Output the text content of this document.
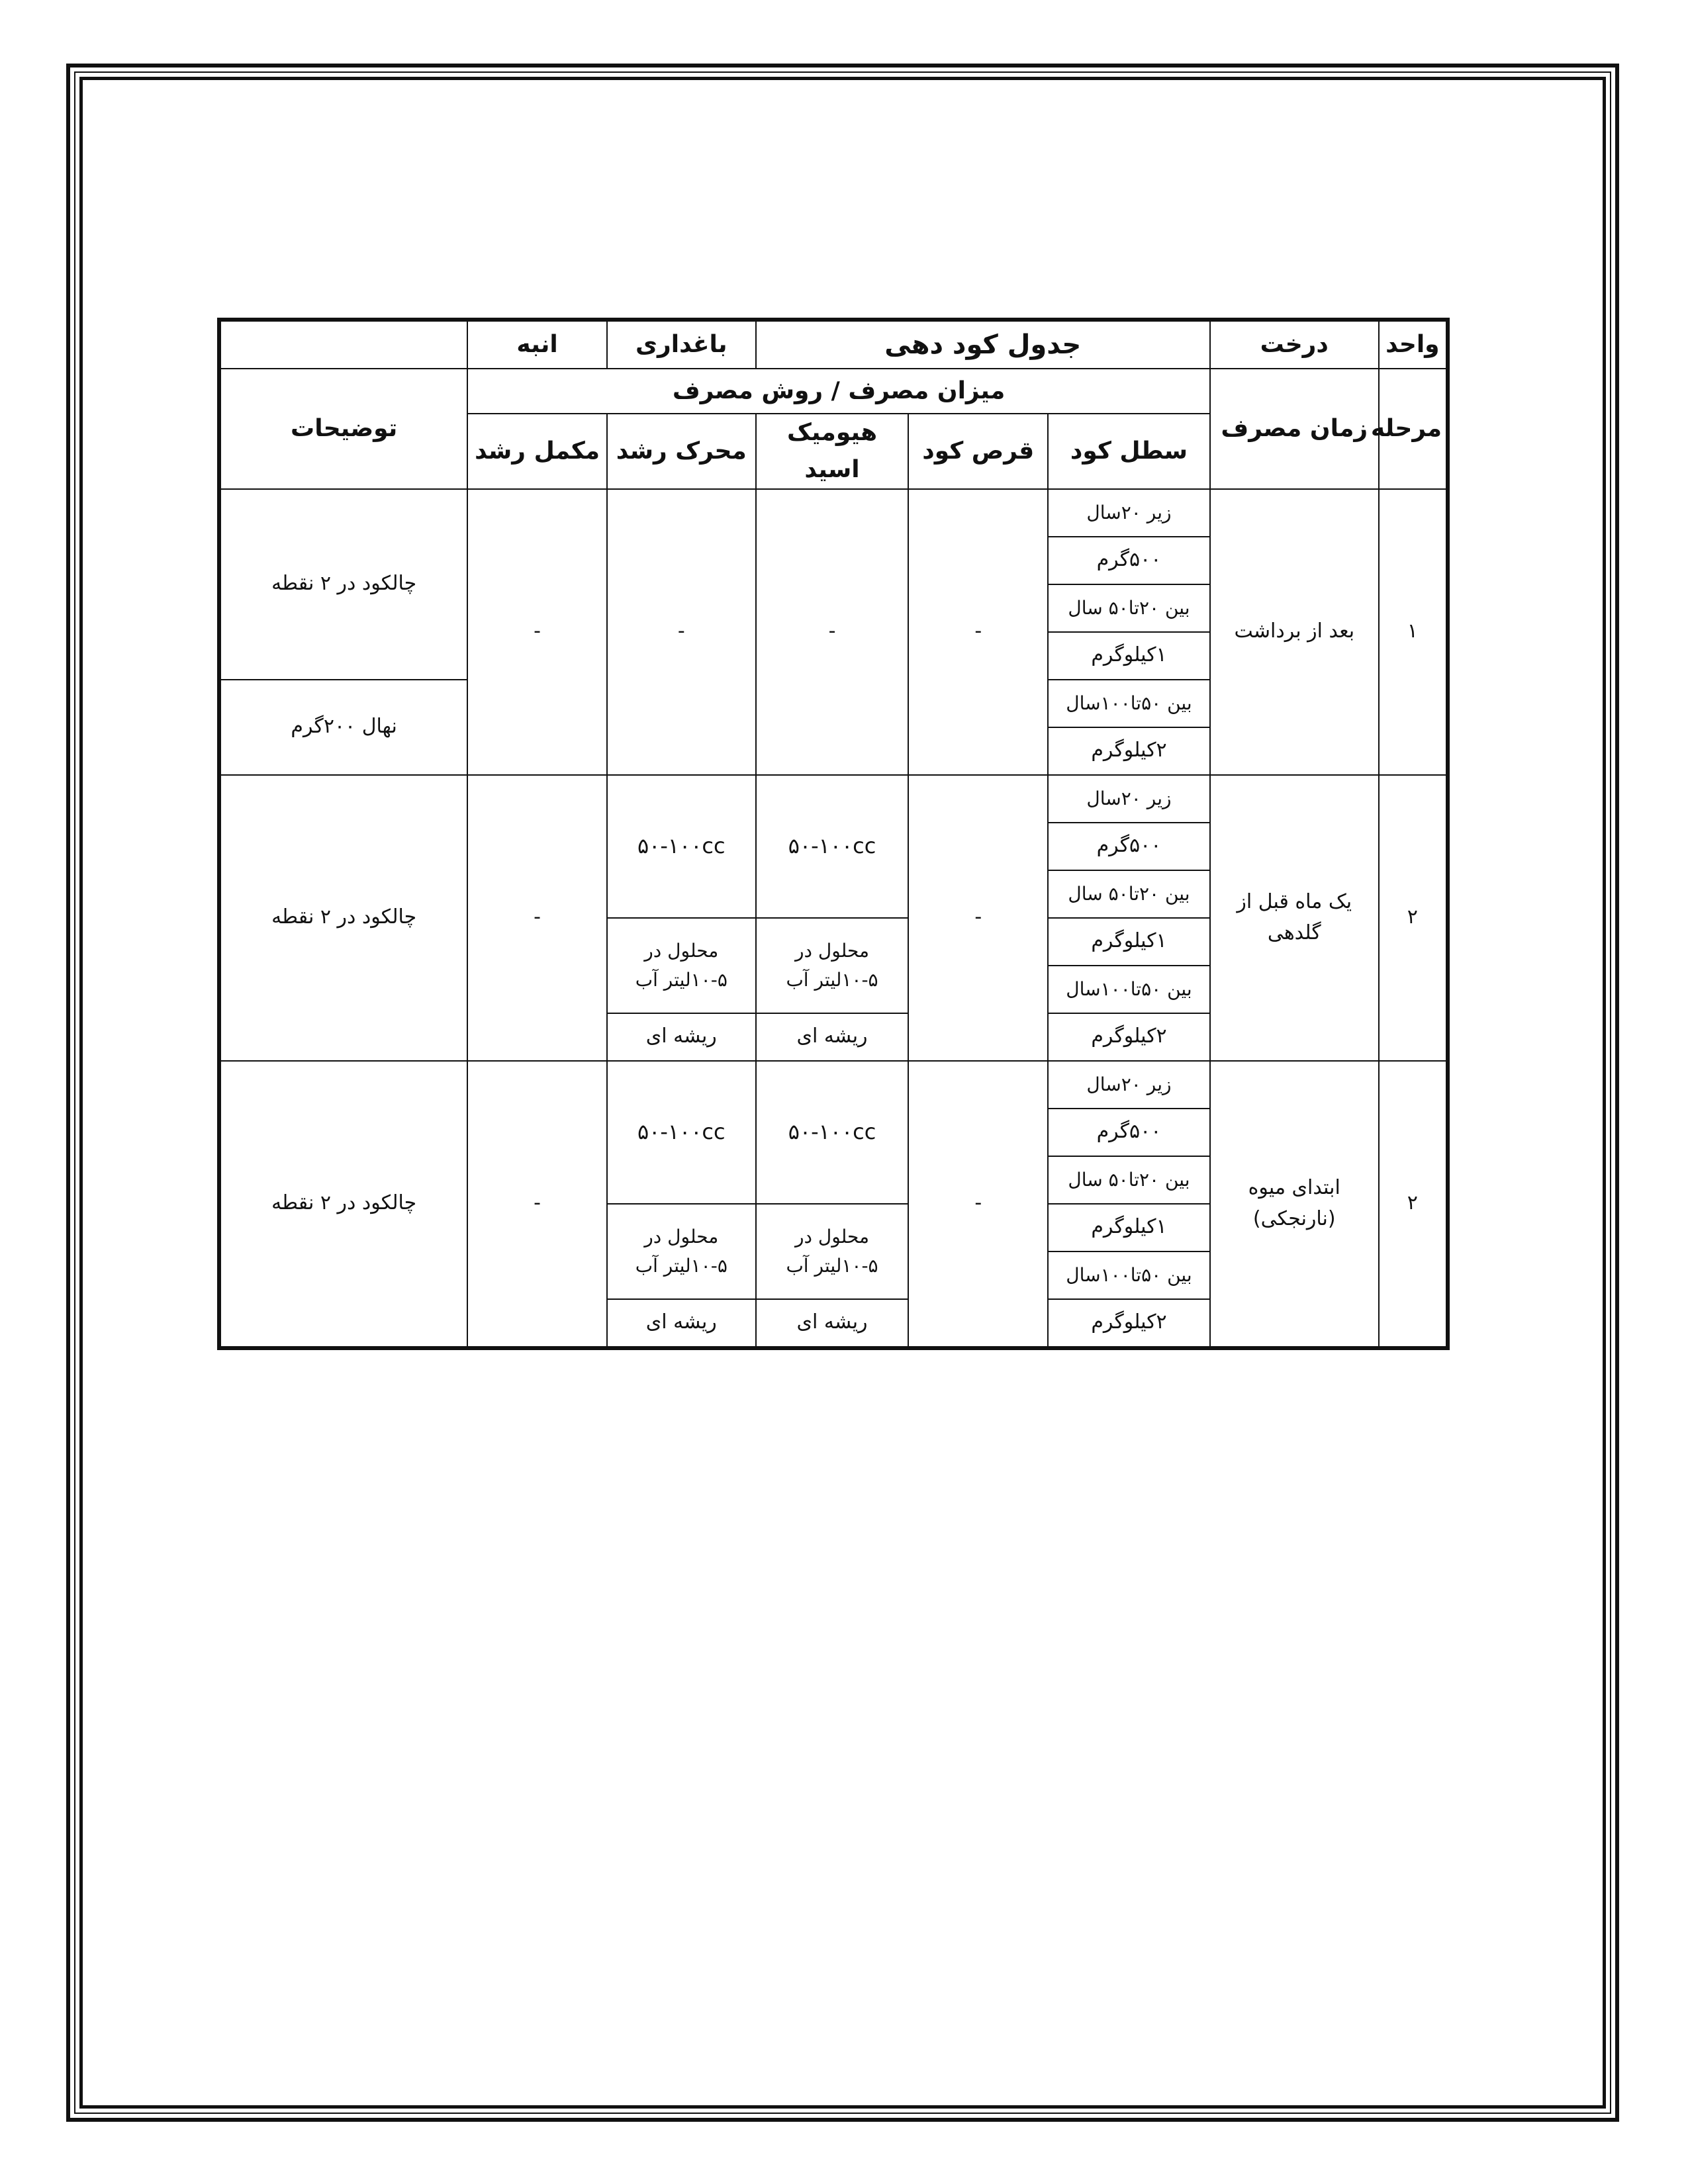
واحد	درخت	جدول کود دهی			باغداری	انبه	
مرحله	زمان مصرف	میزان مصرف / روش مصرف					توضیحات
		سطل کود	قرص کود	هیومیک اسید	محرک رشد	مکمل رشد	
۱	بعد از برداشت	زیر ۲۰سال	-	-	-	-	چالکود در ۲ نقطه
		۵۰۰گرم					
		بین ۲۰تا۵۰ سال					
		۱کیلوگرم					
		بین ۵۰تا۱۰۰سال					نهال ۲۰۰گرم
		۲کیلوگرم					
۲	یک ماه قبل از گلدهی	زیر ۲۰سال	-	۵۰-۱۰۰cc	۵۰-۱۰۰cc	-	چالکود در ۲ نقطه
		۵۰۰گرم					
		بین ۲۰تا۵۰ سال					
		۱کیلوگرم		محلول در ۵-۱۰لیتر آب	محلول در ۵-۱۰لیتر آب		
		بین ۵۰تا۱۰۰سال					
		۲کیلوگرم		ریشه ای	ریشه ای		
۲	ابتدای میوه (نارنجکی)	زیر ۲۰سال	-	۵۰-۱۰۰cc	۵۰-۱۰۰cc	-	چالکود در ۲ نقطه
		۵۰۰گرم					
		بین ۲۰تا۵۰ سال					
		۱کیلوگرم		محلول در ۵-۱۰لیتر آب	محلول در ۵-۱۰لیتر آب		
		بین ۵۰تا۱۰۰سال					
		۲کیلوگرم		ریشه ای	ریشه ای		
